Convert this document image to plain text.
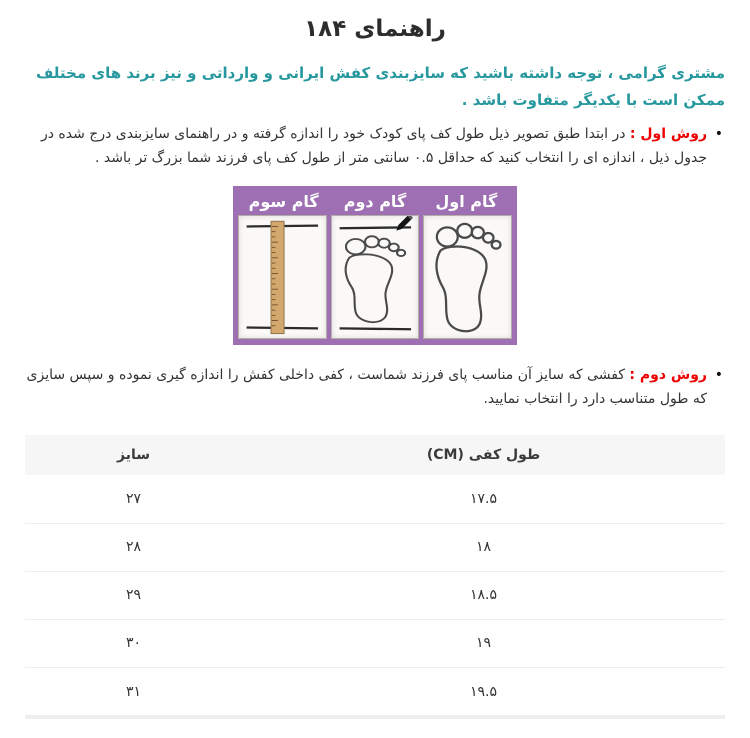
راهنمای ۱۸۴

مشتری گرامی ، توجه داشته باشید که سایزبندی کفش ایرانی و وارداتی و نیز برند های مختلف ممکن است با یکدیگر متفاوت باشد .

•
روش اول : در ابتدا طبق تصویر ذیل طول کف پای کودک خود را اندازه گرفته و در راهنمای سایزبندی درج شده در جدول ذیل ، اندازه ای را انتخاب کنید که حداقل ۰.۵ سانتی متر از طول کف پای فرزند شما بزرگ تر باشد .
گام اول
گام دوم
گام سوم
•
روش دوم : کفشی که سایز آن مناسب پای فرزند شماست ، کفی داخلی کفش را اندازه گیری نموده و سپس سایزی که طول متناسب دارد را انتخاب نمایید.
طول کفی (CM)	سایز
۱۷.۵	۲۷
۱۸	۲۸
۱۸.۵	۲۹
۱۹	۳۰
۱۹.۵	۳۱
